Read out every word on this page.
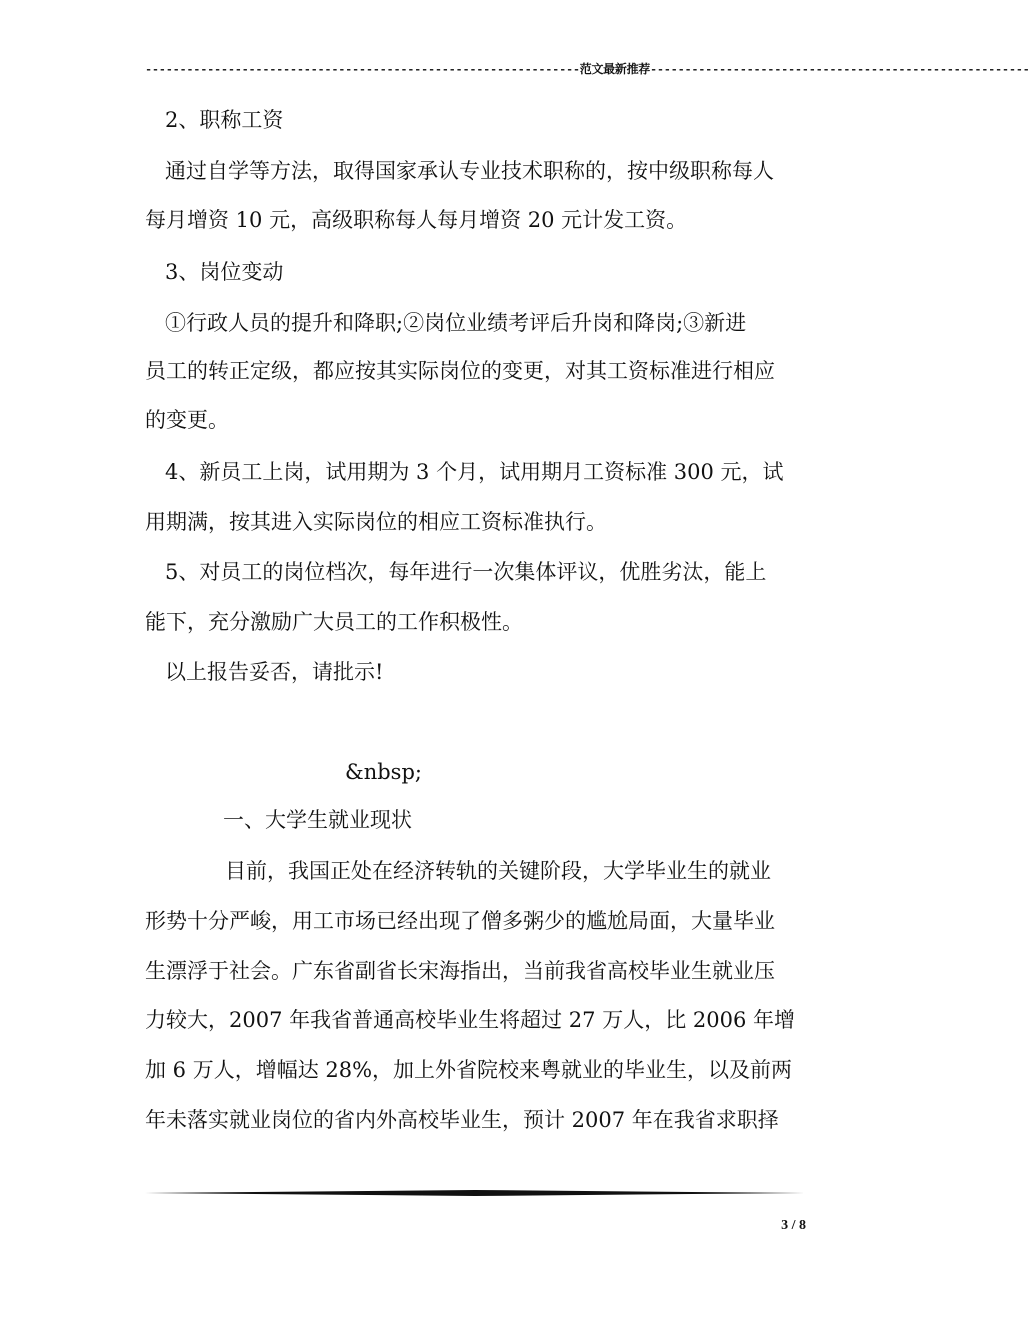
---------------------------------------------------------------范文最新推荐-------------------------------------------------------
2、职称工资
通过自学等方法，取得国家承认专业技术职称的，按中级职称每人
每月增资 10 元，高级职称每人每月增资 20 元计发工资。
3、岗位变动
①行政人员的提升和降职;②岗位业绩考评后升岗和降岗;③新进
员工的转正定级，都应按其实际岗位的变更，对其工资标准进行相应
的变更。
4、新员工上岗，试用期为 3 个月，试用期月工资标准 300 元，试
用期满，按其进入实际岗位的相应工资标准执行。
5、对员工的岗位档次，每年进行一次集体评议，优胜劣汰，能上
能下，充分激励广大员工的工作积极性。
以上报告妥否，请批示!
&nbsp;
一、大学生就业现状
目前，我国正处在经济转轨的关键阶段，大学毕业生的就业
形势十分严峻，用工市场已经出现了僧多粥少的尴尬局面，大量毕业
生漂浮于社会。广东省副省长宋海指出，当前我省高校毕业生就业压
力较大，2007 年我省普通高校毕业生将超过 27 万人，比 2006 年增
加 6 万人，增幅达 28%，加上外省院校来粤就业的毕业生，以及前两
年未落实就业岗位的省内外高校毕业生，预计 2007 年在我省求职择
3 / 8
